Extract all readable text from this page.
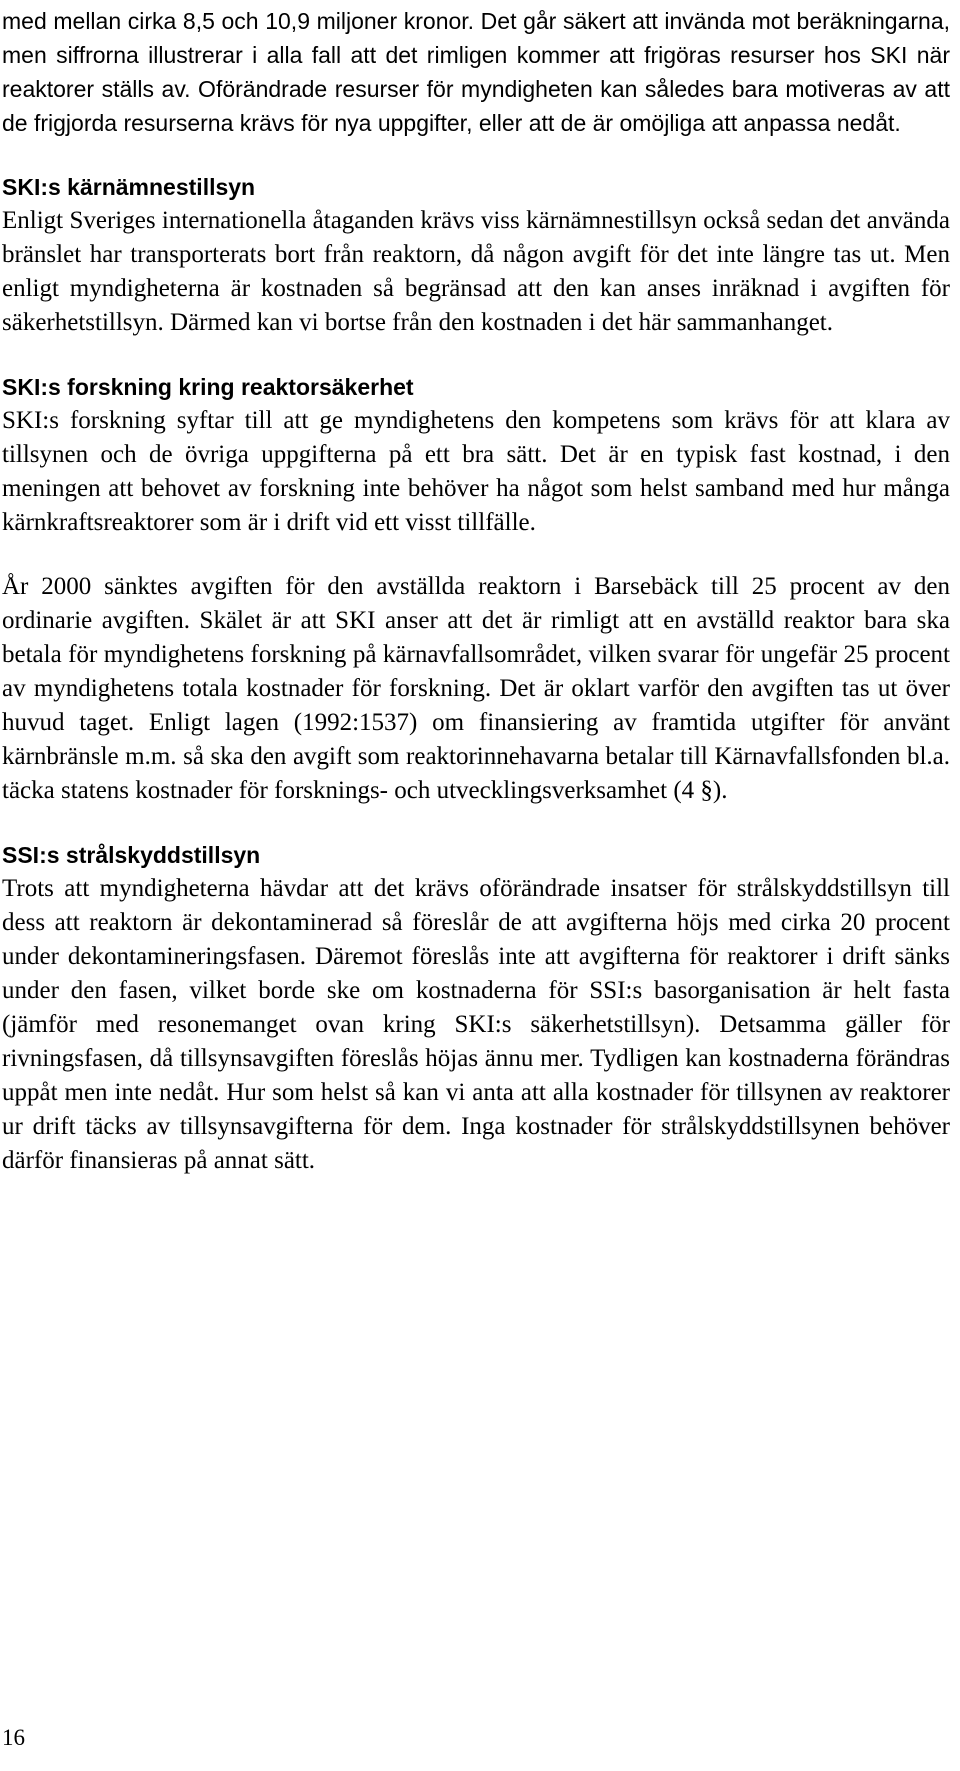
med mellan cirka 8,5 och 10,9 miljoner kronor. Det går säkert att invända mot beräkningarna, men siffrorna illustrerar i alla fall att det rimligen kommer att frigöras resurser hos SKI när reaktorer ställs av. Oförändrade resurser för myndigheten kan således bara motiveras av att de frigjorda resurserna krävs för nya uppgifter, eller att de är omöjliga att anpassa nedåt.

SKI:s kärnämnestillsyn

Enligt Sveriges internationella åtaganden krävs viss kärnämnestillsyn också sedan det använda bränslet har transporterats bort från reaktorn, då någon avgift för det inte längre tas ut. Men enligt myndigheterna är kostnaden så begränsad att den kan anses inräknad i avgiften för säkerhetstillsyn. Därmed kan vi bortse från den kostnaden i det här sammanhanget.

SKI:s forskning kring reaktorsäkerhet

SKI:s forskning syftar till att ge myndighetens den kompetens som krävs för att klara av tillsynen och de övriga uppgifterna på ett bra sätt. Det är en typisk fast kostnad, i den meningen att behovet av forskning inte behöver ha något som helst samband med hur många kärnkraftsreaktorer som är i drift vid ett visst tillfälle.

År 2000 sänktes avgiften för den avställda reaktorn i Barsebäck till 25 procent av den ordinarie avgiften. Skälet är att SKI anser att det är rimligt att en avställd reaktor bara ska betala för myndighetens forskning på kärnavfallsområdet, vilken svarar för ungefär 25 procent av myndighetens totala kostnader för forskning. Det är oklart varför den avgiften tas ut över huvud taget. Enligt lagen (1992:1537) om finansiering av framtida utgifter för använt kärnbränsle m.m. så ska den avgift som reaktorinnehavarna betalar till Kärnavfallsfonden bl.a. täcka statens kostnader för forsknings- och utvecklingsverksamhet (4 §).

SSI:s strålskyddstillsyn

Trots att myndigheterna hävdar att det krävs oförändrade insatser för strålskyddstillsyn till dess att reaktorn är dekontaminerad så föreslår de att avgifterna höjs med cirka 20 procent under dekontamineringsfasen. Däremot föreslås inte att avgifterna för reaktorer i drift sänks under den fasen, vilket borde ske om kostnaderna för SSI:s basorganisation är helt fasta (jämför med resonemanget ovan kring SKI:s säkerhetstillsyn). Detsamma gäller för rivningsfasen, då tillsynsavgiften föreslås höjas ännu mer. Tydligen kan kostnaderna förändras uppåt men inte nedåt. Hur som helst så kan vi anta att alla kostnader för tillsynen av reaktorer ur drift täcks av tillsynsavgifterna för dem. Inga kostnader för strålskyddstillsynen behöver därför finansieras på annat sätt.

16
